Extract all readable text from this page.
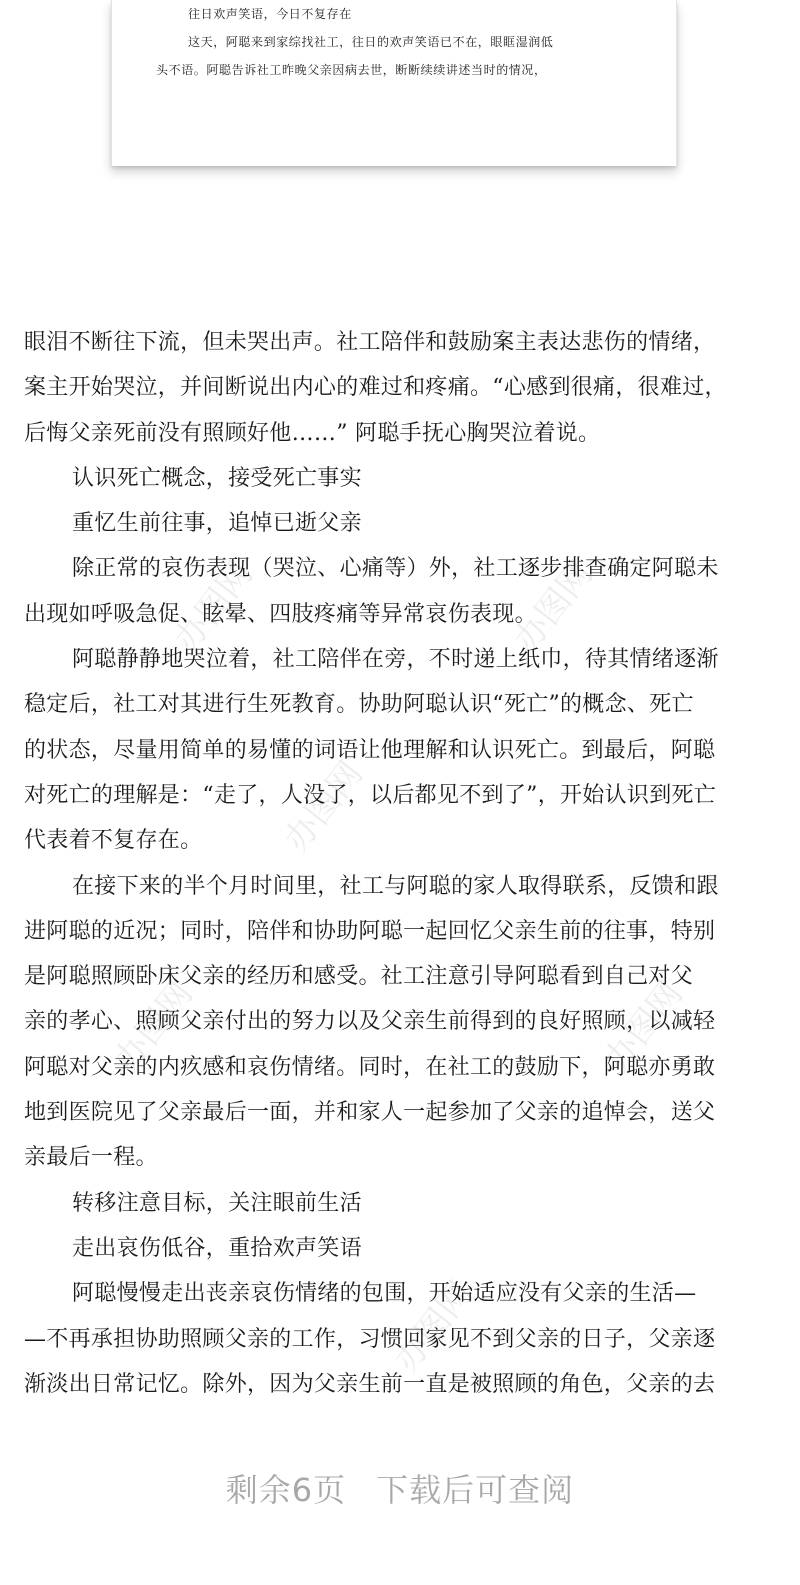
往日欢声笑语，今日不复存在
这天，阿聪来到家综找社工，往日的欢声笑语已不在，眼眶湿润低
头不语。阿聪告诉社工昨晚父亲因病去世，断断续续讲述当时的情况，
办图网	办图网
办图网
办图网	办图网
办图网
眼泪不断往下流，但未哭出声。社工陪伴和鼓励案主表达悲伤的情绪，
案主开始哭泣，并间断说出内心的难过和疼痛。“心感到很痛，很难过，
后悔父亲死前没有照顾好他……” 阿聪手抚心胸哭泣着说。
认识死亡概念，接受死亡事实
重忆生前往事，追悼已逝父亲
除正常的哀伤表现（哭泣、心痛等）外，社工逐步排查确定阿聪未
出现如呼吸急促、眩晕、四肢疼痛等异常哀伤表现。
阿聪静静地哭泣着，社工陪伴在旁，不时递上纸巾，待其情绪逐渐
稳定后，社工对其进行生死教育。协助阿聪认识“死亡”的概念、死亡
的状态，尽量用简单的易懂的词语让他理解和认识死亡。到最后，阿聪
对死亡的理解是：“走了，人没了，以后都见不到了”，开始认识到死亡
代表着不复存在。
在接下来的半个月时间里，社工与阿聪的家人取得联系，反馈和跟
进阿聪的近况；同时，陪伴和协助阿聪一起回忆父亲生前的往事，特别
是阿聪照顾卧床父亲的经历和感受。社工注意引导阿聪看到自己对父
亲的孝心、照顾父亲付出的努力以及父亲生前得到的良好照顾，以减轻
阿聪对父亲的内疚感和哀伤情绪。同时，在社工的鼓励下，阿聪亦勇敢
地到医院见了父亲最后一面，并和家人一起参加了父亲的追悼会，送父
亲最后一程。
转移注意目标，关注眼前生活
走出哀伤低谷，重拾欢声笑语
阿聪慢慢走出丧亲哀伤情绪的包围，开始适应没有父亲的生活—
—不再承担协助照顾父亲的工作，习惯回家见不到父亲的日子，父亲逐
渐淡出日常记忆。除外，因为父亲生前一直是被照顾的角色，父亲的去
剩余6页 下载后可查阅
